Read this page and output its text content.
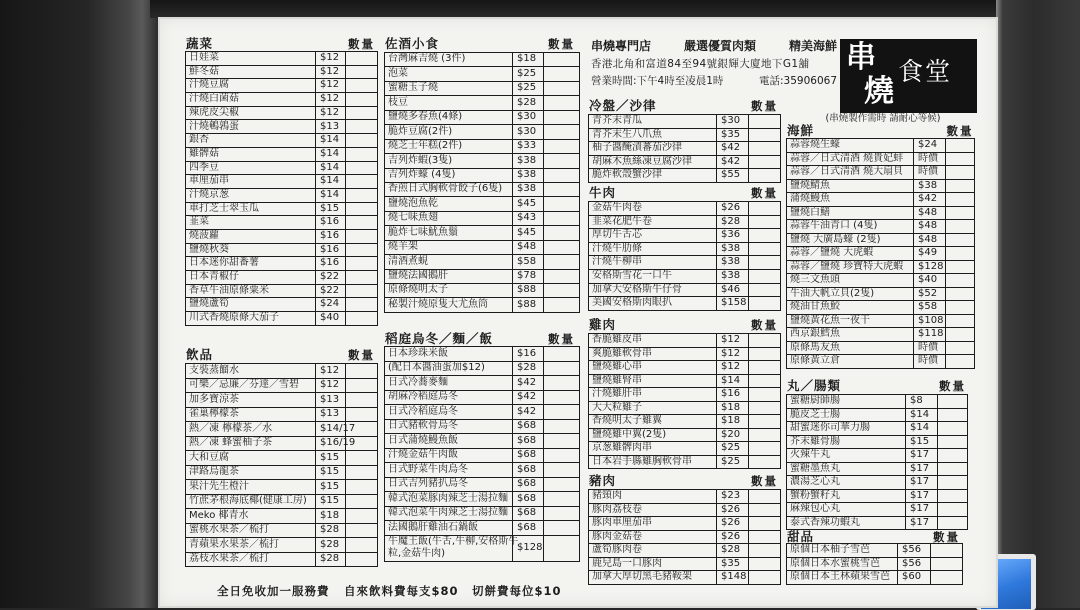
蔬菜	數量
日娃菜	$12	
鮮冬菇	$12	
汁燒豆腐	$12	
汁燒白菌菇	$12	
辣虎皮尖椒	$12	
汁燒鵪鶉蛋	$13	
銀杏	$14	
雞髀菇	$14	
四季豆	$14	
車厘茄串	$14	
汁燒京葱	$14	
車打芝士翠玉瓜	$15	
韮菜	$16	
燒菠蘿	$16	
鹽燒秋葵	$16	
日本迷你甜番薯	$16	
日本青椒仔	$22	
香草牛油原條粟米	$22	
鹽燒蘆筍	$24	
川式香燒原條大茄子	$40	
飲品	數量
支裝蒸餾水	$12	
可樂／忌廉／芬達／雪碧	$12	
加多寶涼茶	$13	
雀巢檸檬茶	$13	
熱／凍 檸檬茶／水	$14/17	
熱／凍 蜂蜜柚子茶	$16/19	
大和豆腐	$15	
津路烏龍茶	$15	
果汁先生橙汁	$15	
竹蔗茅根海底椰(健康工房)	$15	
Meko 椰青水	$18	
蜜桃水果茶／梳打	$28	
青蘋果水果茶／梳打	$28	
荔枝水果茶／梳打	$28	
佐酒小食	數量
台灣麻吉燒 (3件)	$18	
泡菜	$25	
蜜糖玉子燒	$25	
枝豆	$28	
鹽燒多春魚(4條)	$30	
脆炸豆腐(2件)	$30	
燒芝士年糕(2件)	$33	
吉列炸蝦(3隻)	$38	
吉列炸蠔 (4隻)	$38	
香煎日式胸軟骨餃子(6隻)	$38	
鹽燒泡魚乾	$45	
燒七味魚翅	$43	
脆炸七味魷魚鬚	$45	
燒羊架	$48	
清酒煮蜆	$58	
鹽燒法國鵝肝	$78	
原條燒明太子	$88	
秘製汁燒原隻大尤魚筒	$88	
稻庭烏冬／麵／飯	數量
日本珍珠米飯	$16	
(配日本醬油蛋加$12)	$28	
日式冷蕎麥麵	$42	
胡麻冷稻庭烏冬	$42	
日式冷稻庭烏冬	$42	
日式豬軟骨烏冬	$68	
日式蒲燒鰻魚飯	$68	
汁燒金菇牛肉飯	$68	
日式野菜牛肉烏冬	$68	
日式吉列豬扒烏冬	$68	
韓式泡菜豚肉辣芝士湯拉麵	$68	
韓式泡菜牛肉辣芝士湯拉麵	$68	
法國鵝肝雞油石鍋飯	$68	
牛魔王飯(牛舌,牛柳,安格斯牛
粒,金菇牛肉)	$128	
串燒專門店	嚴選優質肉類	精美海鮮
香港北角和富道84至94號銀輝大廈地下G1舖
營業時間:下午4時至凌晨1時	電話:35906067
冷盤／沙律	數量
青芥末青瓜	$30	
青芥末生八爪魚	$35	
柚子醬醃漬蕃茄沙律	$42	
胡麻木魚絲凍豆腐沙律	$42	
脆炸軟殼蟹沙律	$55	
牛肉	數量
金菇牛肉卷	$26	
韭菜花肥牛卷	$28	
厚切牛舌芯	$36	
汁燒牛肋條	$38	
汁燒牛柳串	$38	
安格斯雪花一口牛	$38	
加拿大安格斯牛仔骨	$46	
美國安格斯肉眼扒	$158	
雞肉	數量
香脆雞皮串	$12	
爽脆雞軟骨串	$12	
鹽燒雞心串	$12	
鹽燒雞腎串	$14	
汁燒雞肝串	$16	
大大粒雞子	$18	
香燒明太子雞翼	$18	
鹽燒雞中翼(2隻)	$20	
京葱雞髀肉串	$25	
日本岩手縣雞胸軟骨串	$25	
豬肉	數量
豬頸肉	$23	
豚肉荔枝卷	$26	
豚肉車厘茄串	$26	
豚肉金菇卷	$26	
蘆筍豚肉卷	$28	
鹿兒島一口豚肉	$35	
加拿大厚切黑毛豬鞍架	$148	
串
燒
食堂
(串燒製作需時 請耐心等候)
海鮮	數量
蒜蓉燒生蠔	$24	
蒜蓉／日式清酒 燒貴妃蚌	時價	
蒜蓉／日式清酒 燒大扇貝	時價	
鹽燒鯖魚	$38	
蒲燒鰻魚	$42	
鹽燒白鱔	$48	
蒜蓉牛油青口 (4隻)	$48	
鹽燒 大廣島蠔 (2隻)	$48	
蒜蓉／鹽燒 大虎蝦	$49	
蒜蓉／鹽燒 珍寶特大虎蝦	$128	
燒三文魚頭	$40	
牛油大帆立貝(2隻)	$52	
燒油甘魚鮫	$58	
鹽燒黃花魚一夜干	$108	
西京銀鱈魚	$118	
原條馬友魚	時價	
原條黃立倉	時價	
丸／腸類	數量
蜜糖厨師腸	$8	
脆皮芝士腸	$14	
甜蜜迷你司華力腸	$14	
芥末雞骨腸	$15	
火辣牛丸	$17	
蜜糖墨魚丸	$17	
濃湯芝心丸	$17	
蟹粉蟹籽丸	$17	
麻辣包心丸	$17	
泰式香辣功蝦丸	$17	
甜品	數量
原個日本柚子雪芭	$56	
原個日本水蜜桃雪芭	$56	
原個日本王林蘋果雪芭	$60	
全日免收加一服務費 自來飲料費每支$80 切餅費每位$10
